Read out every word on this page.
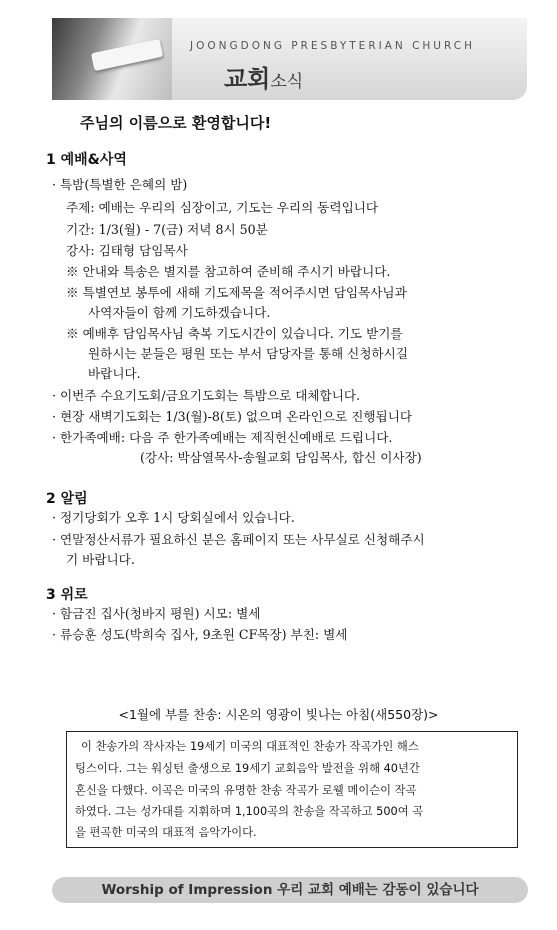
JOONGDONG PRESBYTERIAN CHURCH
교회소식
주님의 이름으로 환영합니다!
1 예배&사역
· 특밤(특별한 은혜의 밤)
주제: 예배는 우리의 심장이고, 기도는 우리의 동력입니다
기간: 1/3(월) - 7(금) 저녁 8시 50분
강사: 김태형 담임목사
※ 안내와 특송은 별지를 참고하여 준비해 주시기 바랍니다.
※ 특별연보 봉투에 새해 기도제목을 적어주시면 담임목사님과
사역자들이 함께 기도하겠습니다.
※ 예배후 담임목사님 축복 기도시간이 있습니다. 기도 받기를
원하시는 분들은 평원 또는 부서 담당자를 통해 신청하시길
바랍니다.
· 이번주 수요기도회/금요기도회는 특밤으로 대체합니다.
· 현장 새벽기도회는 1/3(월)-8(토) 없으며 온라인으로 진행됩니다
· 한가족예배: 다음 주 한가족예배는 제직헌신예배로 드립니다.
(강사: 박삼열목사-송월교회 담임목사, 합신 이사장)
2 알림
· 정기당회가 오후 1시 당회실에서 있습니다.
· 연말정산서류가 필요하신 분은 홈페이지 또는 사무실로 신청해주시
기 바랍니다.
3 위로
· 함금진 집사(청바지 평원) 시모: 별세
· 류승훈 성도(박희숙 집사, 9초원 CF목장) 부친: 별세
<1월에 부를 찬송: 시온의 영광이 빛나는 아침(새550장)>
이 찬송가의 작사자는 19세기 미국의 대표적인 찬송가 작곡가인 해스
팅스이다. 그는 워싱턴 출생으로 19세기 교회음악 발전을 위해 40년간
혼신을 다했다. 이곡은 미국의 유명한 찬송 작곡가 로웰 메이슨이 작곡
하였다. 그는 성가대를 지휘하며 1,100곡의 찬송을 작곡하고 500여 곡
을 편곡한 미국의 대표적 음악가이다.
Worship of Impression 우리 교회 예배는 감동이 있습니다
